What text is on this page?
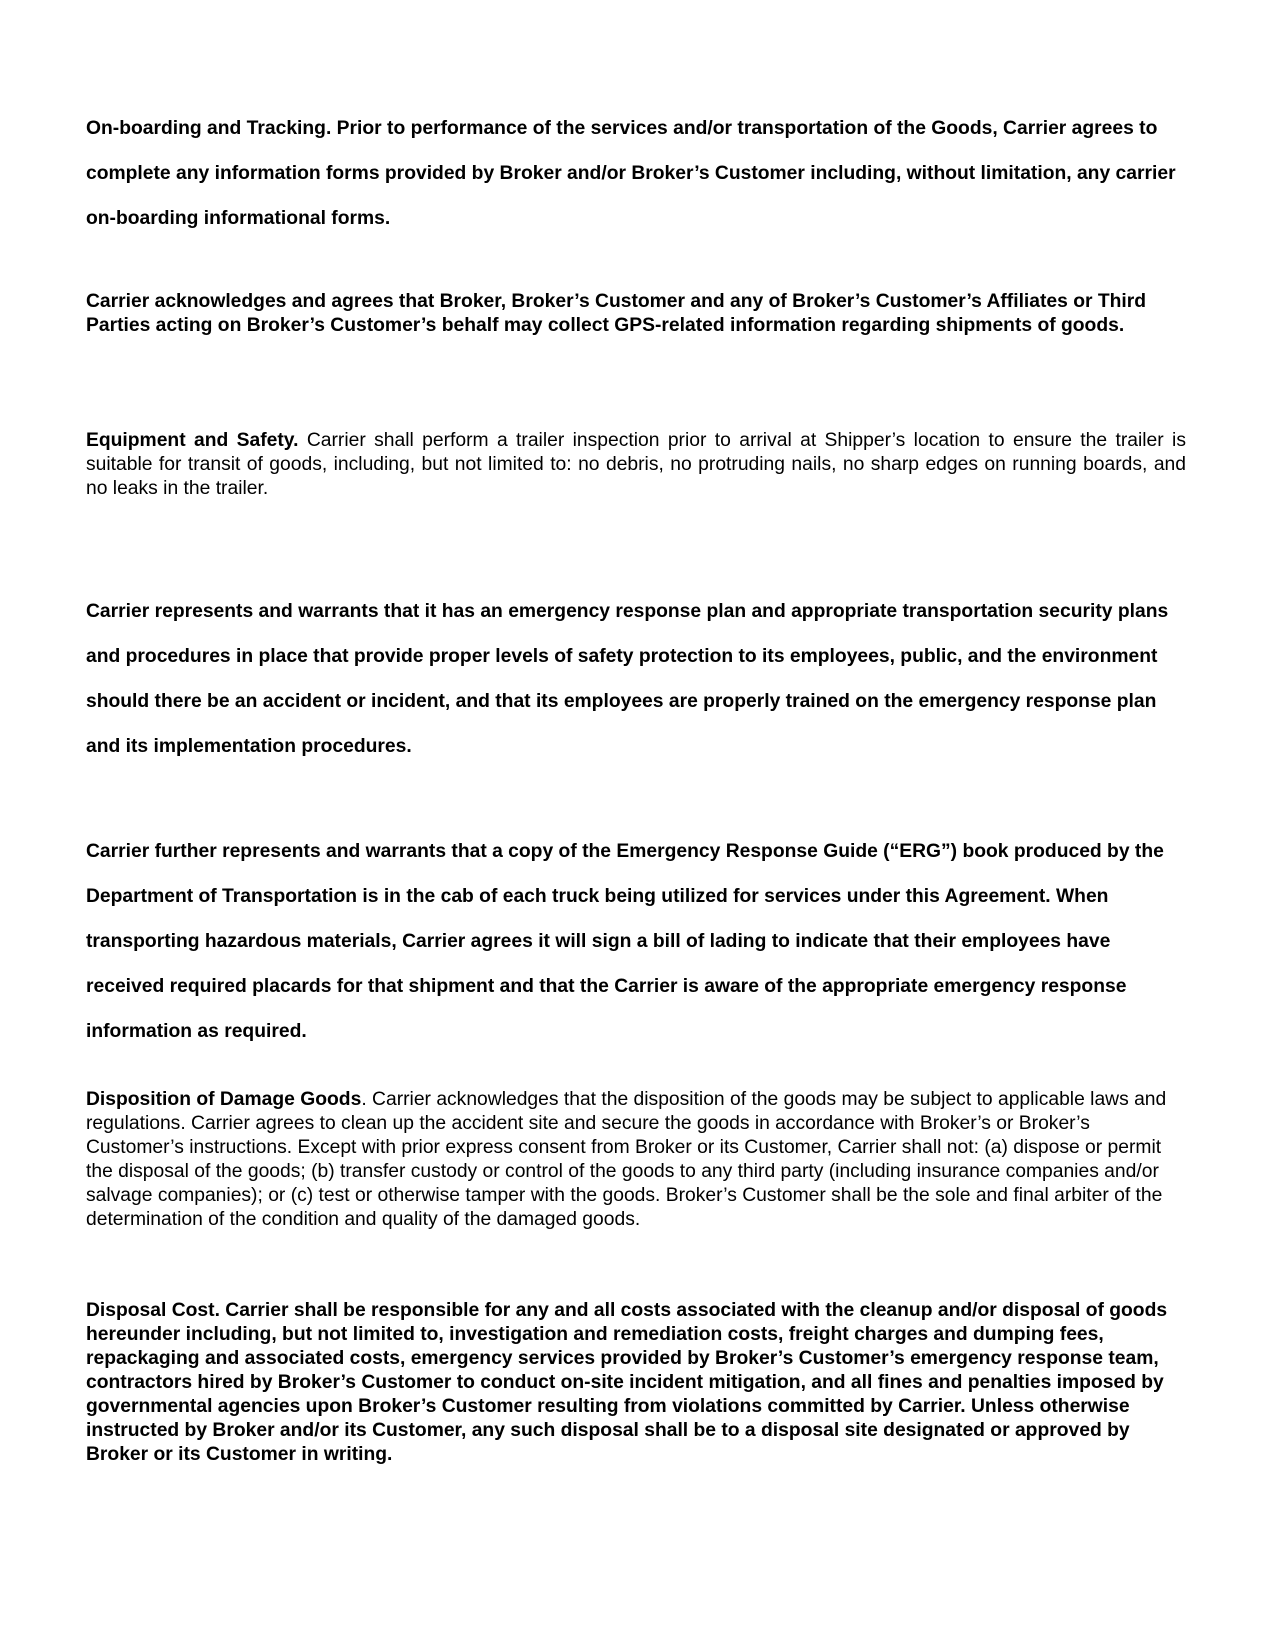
On-boarding and Tracking. Prior to performance of the services and/or transportation of the Goods, Carrier agrees to complete any information forms provided by Broker and/or Broker’s Customer including, without limitation, any carrier on-boarding informational forms.

Carrier acknowledges and agrees that Broker, Broker’s Customer and any of Broker’s Customer’s Affiliates or Third Parties acting on Broker’s Customer’s behalf may collect GPS-related information regarding shipments of goods.

Equipment and Safety. Carrier shall perform a trailer inspection prior to arrival at Shipper’s location to ensure the trailer is suitable for transit of goods, including, but not limited to: no debris, no protruding nails, no sharp edges on running boards, and no leaks in the trailer.

Carrier represents and warrants that it has an emergency response plan and appropriate transportation security plans and procedures in place that provide proper levels of safety protection to its employees, public, and the environment should there be an accident or incident, and that its employees are properly trained on the emergency response plan and its implementation procedures.

Carrier further represents and warrants that a copy of the Emergency Response Guide (“ERG”) book produced by the Department of Transportation is in the cab of each truck being utilized for services under this Agreement. When transporting hazardous materials, Carrier agrees it will sign a bill of lading to indicate that their employees have received required placards for that shipment and that the Carrier is aware of the appropriate emergency response information as required.

Disposition of Damage Goods. Carrier acknowledges that the disposition of the goods may be subject to applicable laws and regulations. Carrier agrees to clean up the accident site and secure the goods in accordance with Broker’s or Broker’s Customer’s instructions. Except with prior express consent from Broker or its Customer, Carrier shall not: (a) dispose or permit the disposal of the goods; (b) transfer custody or control of the goods to any third party (including insurance companies and/or salvage companies); or (c) test or otherwise tamper with the goods. Broker’s Customer shall be the sole and final arbiter of the determination of the condition and quality of the damaged goods.

Disposal Cost. Carrier shall be responsible for any and all costs associated with the cleanup and/or disposal of goods hereunder including, but not limited to, investigation and remediation costs, freight charges and dumping fees, repackaging and associated costs, emergency services provided by Broker’s Customer’s emergency response team, contractors hired by Broker’s Customer to conduct on-site incident mitigation, and all fines and penalties imposed by governmental agencies upon Broker’s Customer resulting from violations committed by Carrier. Unless otherwise instructed by Broker and/or its Customer, any such disposal shall be to a disposal site designated or approved by Broker or its Customer in writing.
